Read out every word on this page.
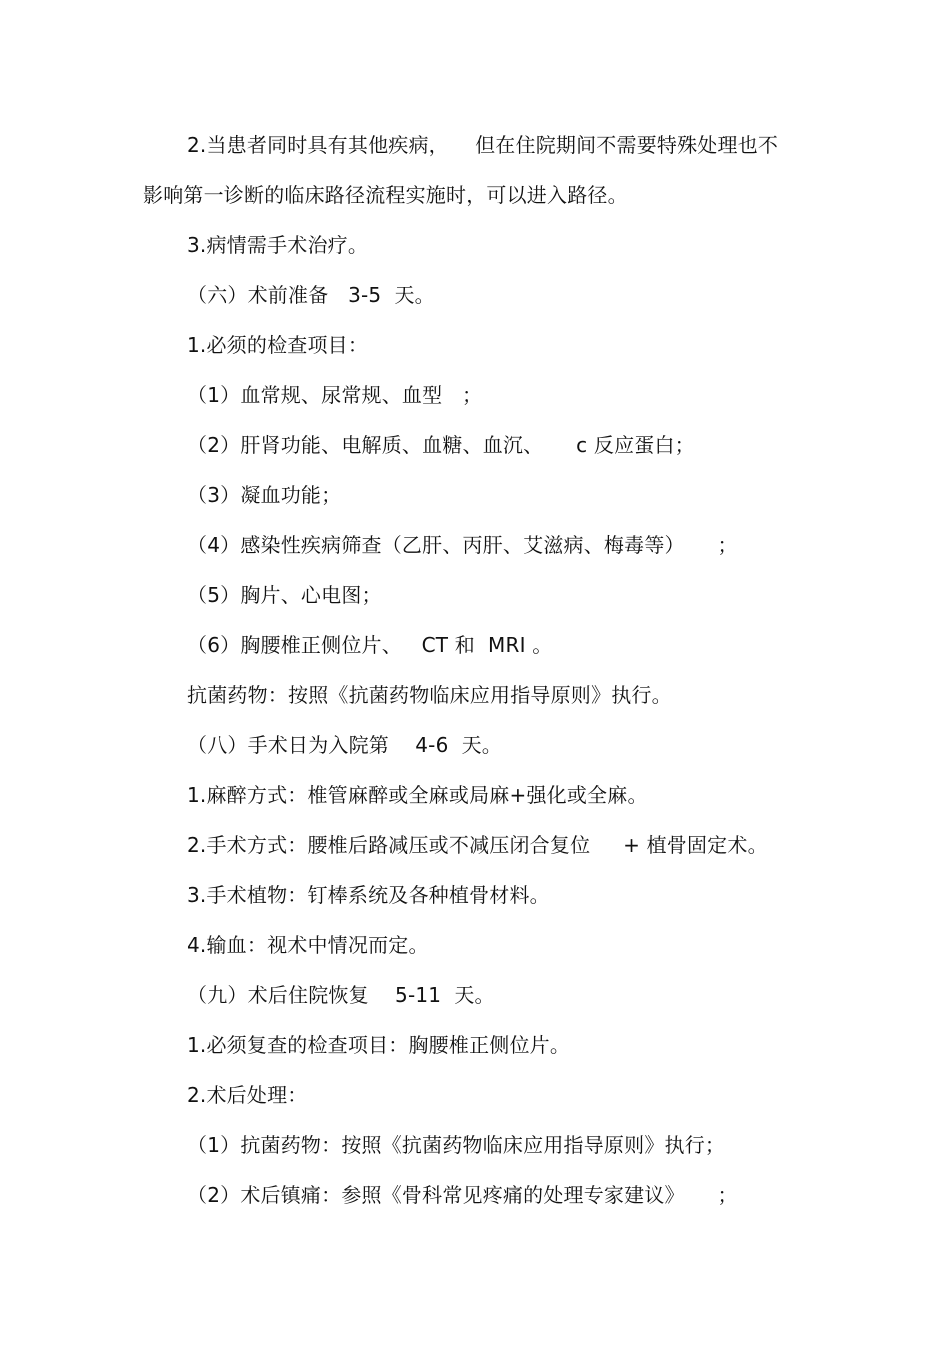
2.当患者同时具有其他疾病，    但在住院期间不需要特殊处理也不
影响第一诊断的临床路径流程实施时，可以进入路径。
3.病情需手术治疗。
（六）术前准备   3-5  天。
1.必须的检查项目：
（1）血常规、尿常规、血型   ；
（2）肝肾功能、电解质、血糖、血沉、     c 反应蛋白；
（3）凝血功能；
（4）感染性疾病筛查（乙肝、丙肝、艾滋病、梅毒等）     ；
（5）胸片、心电图；
（6）胸腰椎正侧位片、   CT 和  MRI 。
抗菌药物：按照《抗菌药物临床应用指导原则》执行。
（八）手术日为入院第    4-6  天。
1.麻醉方式：椎管麻醉或全麻或局麻+强化或全麻。
2.手术方式：腰椎后路减压或不减压闭合复位     + 植骨固定术。
3.手术植物：钉棒系统及各种植骨材料。
4.输血：视术中情况而定。
（九）术后住院恢复    5-11  天。
1.必须复查的检查项目：胸腰椎正侧位片。
2.术后处理：
（1）抗菌药物：按照《抗菌药物临床应用指导原则》执行；
（2）术后镇痛：参照《骨科常见疼痛的处理专家建议》     ；
